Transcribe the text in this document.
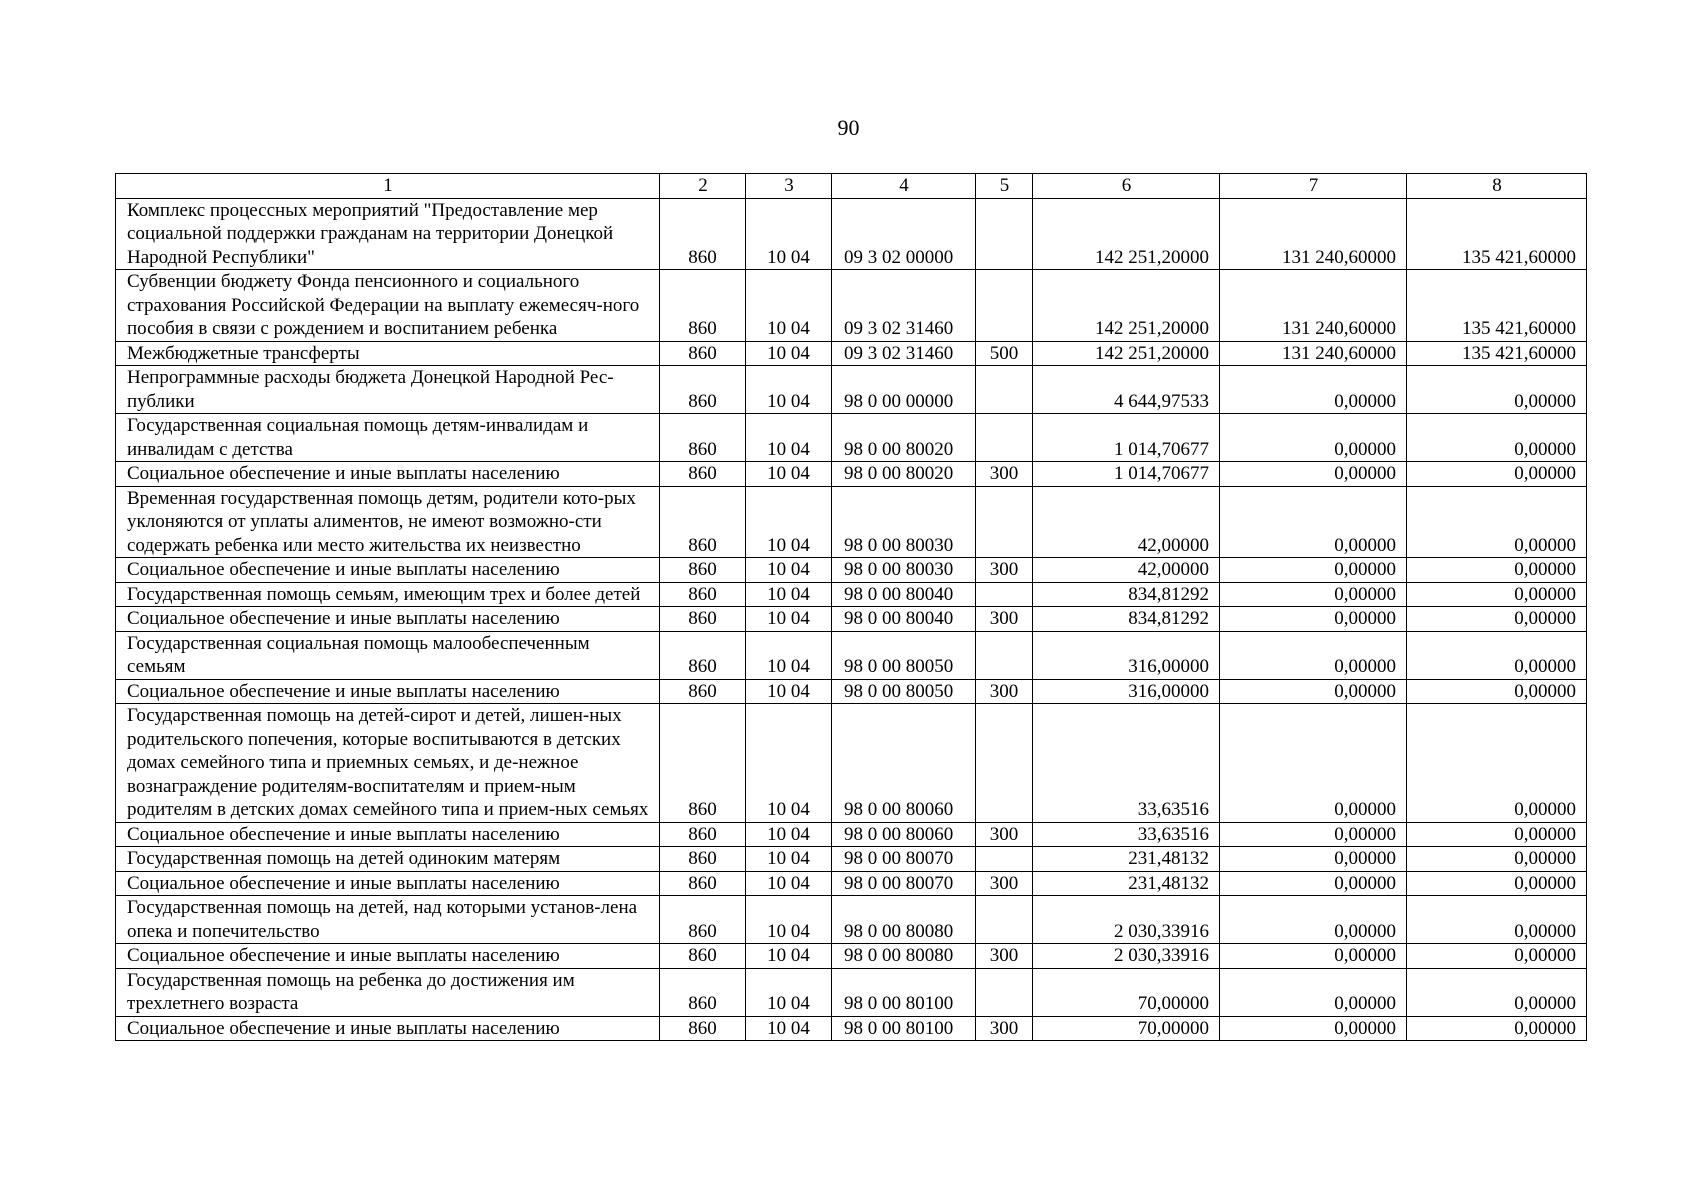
90
1	2	3	4	5	6	7	8
Комплекс процессных мероприятий "Предоставление мер социальной поддержки гражданам на территории Донецкой Народной Республики"	860	10 04	09 3 02 00000		142 251,20000	131 240,60000	135 421,60000
Субвенции бюджету Фонда пенсионного и социального страхования Российской Федерации на выплату ежемесяч-ного пособия в связи с рождением и воспитанием ребенка	860	10 04	09 3 02 31460		142 251,20000	131 240,60000	135 421,60000
Межбюджетные трансферты	860	10 04	09 3 02 31460	500	142 251,20000	131 240,60000	135 421,60000
Непрограммные расходы бюджета Донецкой Народной Рес-публики	860	10 04	98 0 00 00000		4 644,97533	0,00000	0,00000
Государственная социальная помощь детям-инвалидам и инвалидам с детства	860	10 04	98 0 00 80020		1 014,70677	0,00000	0,00000
Социальное обеспечение и иные выплаты населению	860	10 04	98 0 00 80020	300	1 014,70677	0,00000	0,00000
Временная государственная помощь детям, родители кото-рых уклоняются от уплаты алиментов, не имеют возможно-сти содержать ребенка или место жительства их неизвестно	860	10 04	98 0 00 80030		42,00000	0,00000	0,00000
Социальное обеспечение и иные выплаты населению	860	10 04	98 0 00 80030	300	42,00000	0,00000	0,00000
Государственная помощь семьям, имеющим трех и более детей	860	10 04	98 0 00 80040		834,81292	0,00000	0,00000
Социальное обеспечение и иные выплаты населению	860	10 04	98 0 00 80040	300	834,81292	0,00000	0,00000
Государственная социальная помощь малообеспеченным семьям	860	10 04	98 0 00 80050		316,00000	0,00000	0,00000
Социальное обеспечение и иные выплаты населению	860	10 04	98 0 00 80050	300	316,00000	0,00000	0,00000
Государственная помощь на детей-сирот и детей, лишен-ных родительского попечения, которые воспитываются в детских домах семейного типа и приемных семьях, и де-нежное вознаграждение родителям-воспитателям и прием-ным родителям в детских домах семейного типа и прием-ных семьях	860	10 04	98 0 00 80060		33,63516	0,00000	0,00000
Социальное обеспечение и иные выплаты населению	860	10 04	98 0 00 80060	300	33,63516	0,00000	0,00000
Государственная помощь на детей одиноким матерям	860	10 04	98 0 00 80070		231,48132	0,00000	0,00000
Социальное обеспечение и иные выплаты населению	860	10 04	98 0 00 80070	300	231,48132	0,00000	0,00000
Государственная помощь на детей, над которыми установ-лена опека и попечительство	860	10 04	98 0 00 80080		2 030,33916	0,00000	0,00000
Социальное обеспечение и иные выплаты населению	860	10 04	98 0 00 80080	300	2 030,33916	0,00000	0,00000
Государственная помощь на ребенка до достижения им трехлетнего возраста	860	10 04	98 0 00 80100		70,00000	0,00000	0,00000
Социальное обеспечение и иные выплаты населению	860	10 04	98 0 00 80100	300	70,00000	0,00000	0,00000
